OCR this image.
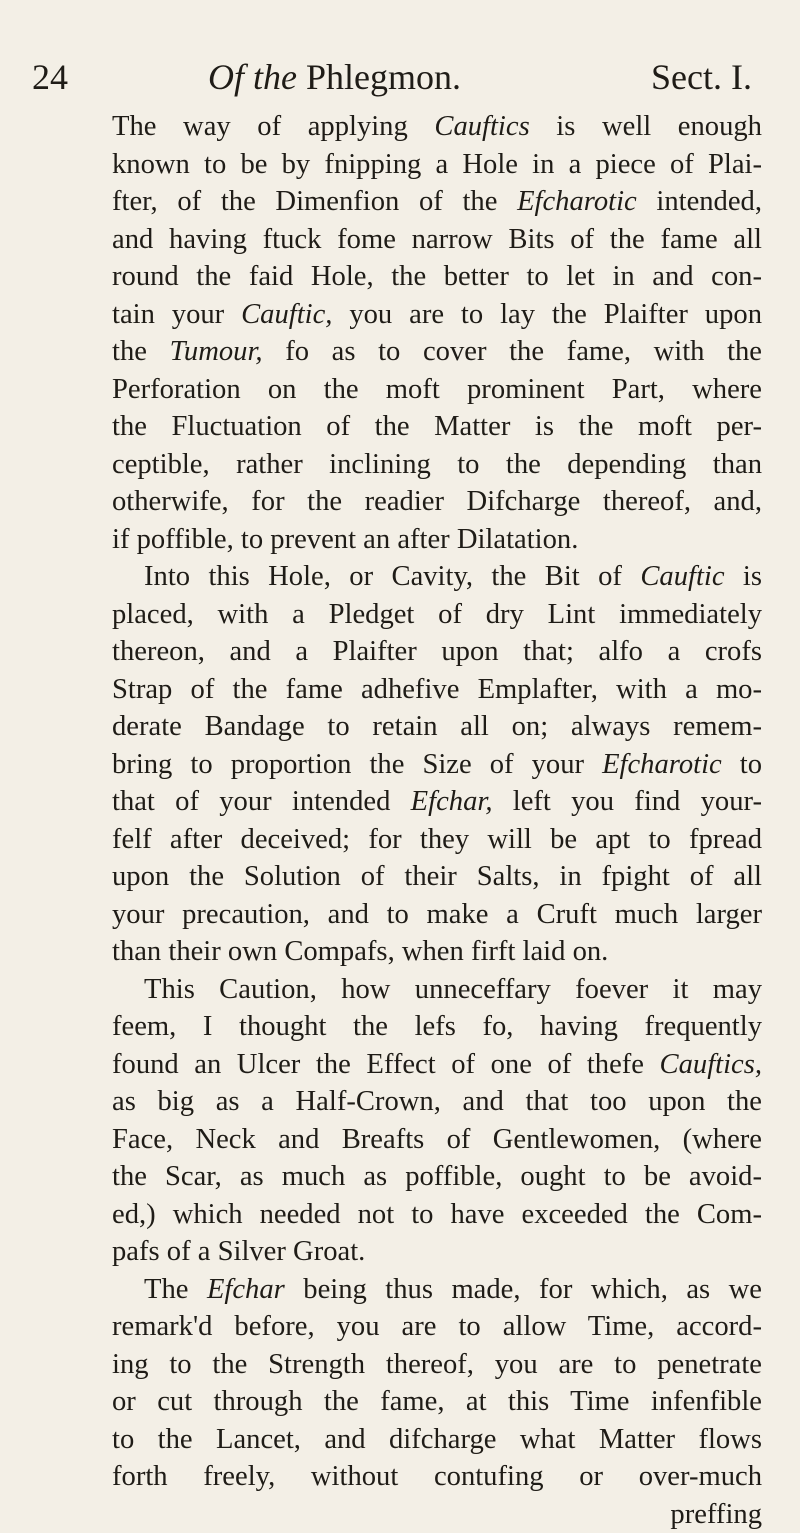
24	Of the Phlegmon.	Sect. I.
The way of applying Cauftics is well enough
known to be by fnipping a Hole in a piece of Plai-
fter, of the Dimenfion of the Efcharotic intended,
and having ftuck fome narrow Bits of the fame all
round the faid Hole, the better to let in and con-
tain your Cauftic, you are to lay the Plaifter upon
the Tumour, fo as to cover the fame, with the
Perforation on the moft prominent Part, where
the Fluctuation of the Matter is the moft per-
ceptible, rather inclining to the depending than
otherwife, for the readier Difcharge thereof, and,
if poffible, to prevent an after Dilatation.
Into this Hole, or Cavity, the Bit of Cauftic is
placed, with a Pledget of dry Lint immediately
thereon, and a Plaifter upon that; alfo a crofs
Strap of the fame adhefive Emplafter, with a mo-
derate Bandage to retain all on; always remem-
bring to proportion the Size of your Efcharotic to
that of your intended Efchar, left you find your-
felf after deceived; for they will be apt to fpread
upon the Solution of their Salts, in fpight of all
your precaution, and to make a Cruft much larger
than their own Compafs, when firft laid on.
This Caution, how unneceffary foever it may
feem, I thought the lefs fo, having frequently
found an Ulcer the Effect of one of thefe Cauftics,
as big as a Half-Crown, and that too upon the
Face, Neck and Breafts of Gentlewomen, (where
the Scar, as much as poffible, ought to be avoid-
ed,) which needed not to have exceeded the Com-
pafs of a Silver Groat.
The Efchar being thus made, for which, as we
remark'd before, you are to allow Time, accord-
ing to the Strength thereof, you are to penetrate
or cut through the fame, at this Time infenfible
to the Lancet, and difcharge what Matter flows
forth freely, without contufing or over-much
preffing
